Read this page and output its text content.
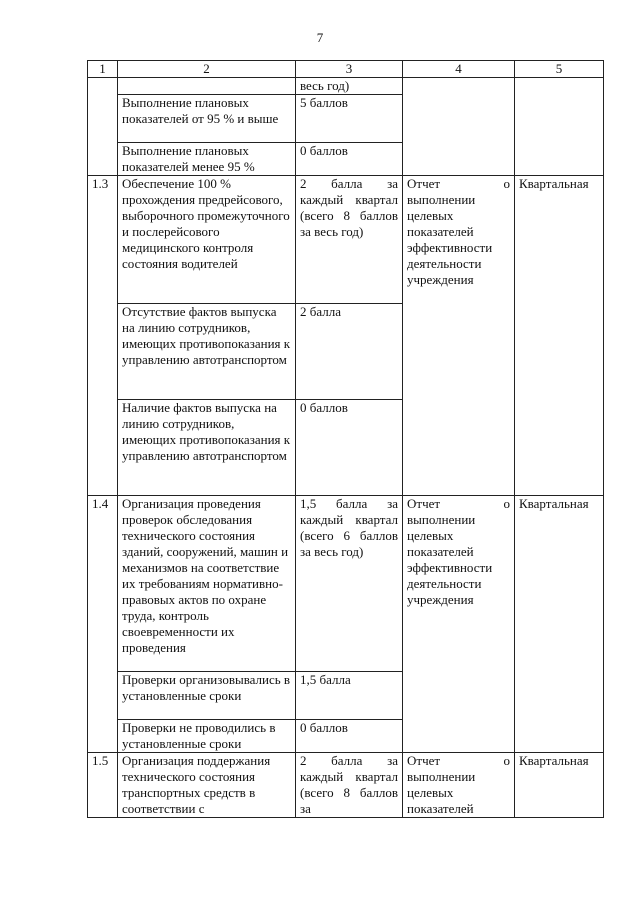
7
1	2	3	4	5
		весь год)		
	Выполнение плановых показателей от 95 % и выше	5 баллов		
	Выполнение плановых показателей менее 95 %	0 баллов		
1.3	Обеспечение 100 % прохождения предрейсового, выборочного промежуточного и послерейсового медицинского контроля состояния водителей	2 балла за каждый квартал (всего 8 баллов за весь год)	Отчет о выполнении целевых показателей эффективности деятельности учреждения	Квартальная
	Отсутствие фактов выпуска на линию сотрудников, имеющих противопоказания к управлению автотранспортом	2 балла		
	Наличие фактов выпуска на линию сотрудников, имеющих противопоказания к управлению автотранспортом	0 баллов		
1.4	Организация проведения проверок обследования технического состояния зданий, сооружений, машин и механизмов на соответствие их требованиям нормативно-правовых актов по охране труда, контроль своевременности их проведения	1,5 балла за каждый квартал (всего 6 баллов за весь год)	Отчет о выполнении целевых показателей эффективности деятельности учреждения	Квартальная
	Проверки организовывались в установленные сроки	1,5 балла		
	Проверки не проводились в установленные сроки	0 баллов		
1.5	Организация поддержания технического состояния транспортных средств в соответствии с	2 балла за каждый квартал (всего 8 баллов за	Отчет о выполнении целевых показателей	Квартальная
